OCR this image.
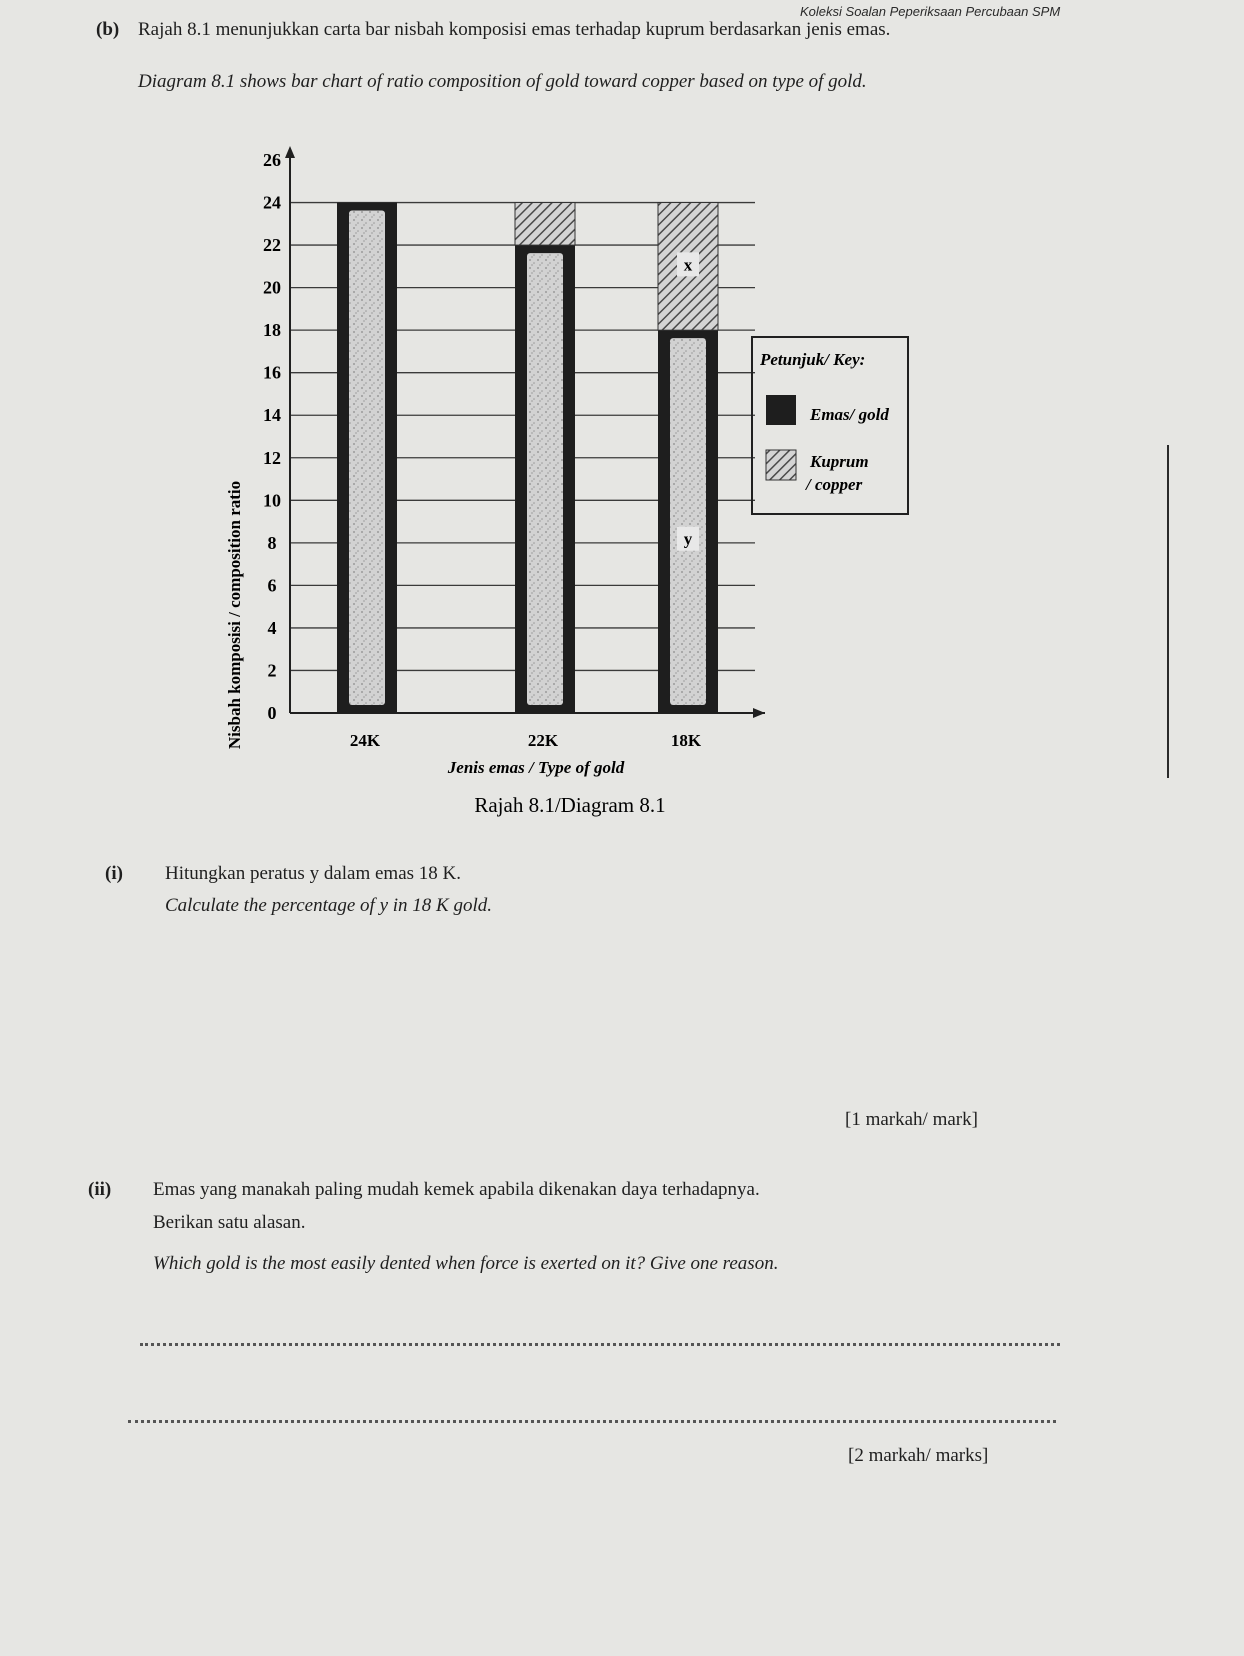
Koleksi Soalan Peperiksaan Percubaan SPM
(b) Rajah 8.1 menunjukkan carta bar nisbah komposisi emas terhadap kuprum berdasarkan jenis emas.
Diagram 8.1 shows bar chart of ratio composition of gold toward copper based on type of gold.
0
2
4
6
8
10
12
14
16
18
20
22
24
26
24K	22K	18K
x
y
Nisbah komposisi / composition ratio
Jenis emas / Type of gold
Rajah 8.1/Diagram 8.1
Petunjuk/ Key:
Emas/ gold
Kuprum
/ copper
(i) Hitungkan peratus y dalam emas 18 K.
Calculate the percentage of y in 18 K gold.
[1 markah/ mark]
(ii) Emas yang manakah paling mudah kemek apabila dikenakan daya terhadapnya.
Berikan satu alasan.
Which gold is the most easily dented when force is exerted on it? Give one reason.
[2 markah/ marks]
